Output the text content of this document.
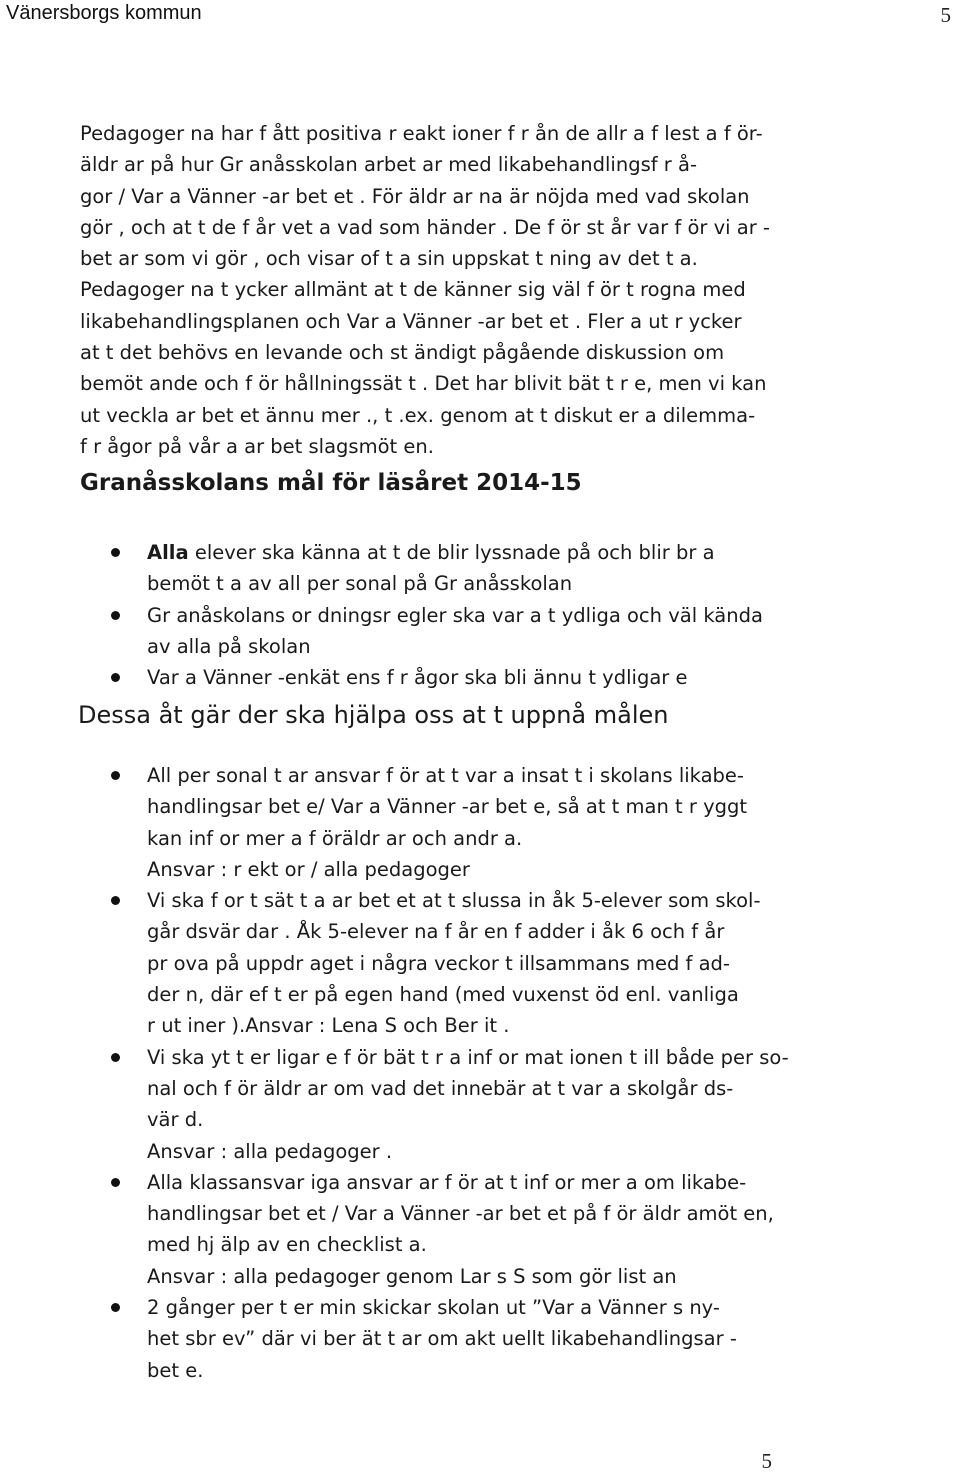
Vänersborgs kommun	5
Pedagoger na har f ått positiva r eakt ioner f r ån de allr a f lest a f ör-
äldr ar på hur Gr anåsskolan arbet ar med likabehandlingsf r å-
gor / Var a Vänner -ar bet et . För äldr ar na är nöjda med vad skolan
gör , och at t de f år vet a vad som händer . De f ör st år var f ör vi ar -
bet ar som vi gör , och visar of t a sin uppskat t ning av det t a.
Pedagoger na t ycker allmänt at t de känner sig väl f ör t rogna med
likabehandlingsplanen och Var a Vänner -ar bet et . Fler a ut r ycker
at t det behövs en levande och st ändigt pågående diskussion om
bemöt ande och f ör hållningssät t . Det har blivit bät t r e, men vi kan
ut veckla ar bet et ännu mer ., t .ex. genom at t diskut er a dilemma-
f r ågor på vår a ar bet slagsmöt en.
Granåsskolans mål för läsåret 2014-15
Alla elever ska känna at t de blir lyssnade på och blir br a
bemöt t a av all per sonal på Gr anåsskolan
Gr anåskolans or dningsr egler ska var a t ydliga och väl kända
av alla på skolan
Var a Vänner -enkät ens f r ågor ska bli ännu t ydligar e
Dessa åt gär der ska hjälpa oss at t uppnå målen
All per sonal t ar ansvar f ör at t var a insat t i skolans likabe-
handlingsar bet e/ Var a Vänner -ar bet e, så at t man t r yggt
kan inf or mer a f öräldr ar och andr a.
Ansvar : r ekt or / alla pedagoger
Vi ska f or t sät t a ar bet et at t slussa in åk 5-elever som skol-
går dsvär dar . Åk 5-elever na f år en f adder i åk 6 och f år
pr ova på uppdr aget i några veckor t illsammans med f ad-
der n, där ef t er på egen hand (med vuxenst öd enl. vanliga
r ut iner ).Ansvar : Lena S och Ber it .
Vi ska yt t er ligar e f ör bät t r a inf or mat ionen t ill både per so-
nal och f ör äldr ar om vad det innebär at t var a skolgår ds-
vär d.
Ansvar : alla pedagoger .
Alla klassansvar iga ansvar ar f ör at t inf or mer a om likabe-
handlingsar bet et / Var a Vänner -ar bet et på f ör äldr amöt en,
med hj älp av en checklist a.
Ansvar : alla pedagoger genom Lar s S som gör list an
2 gånger per t er min skickar skolan ut ”Var a Vänner s ny-
het sbr ev” där vi ber ät t ar om akt uellt likabehandlingsar -
bet e.
5
